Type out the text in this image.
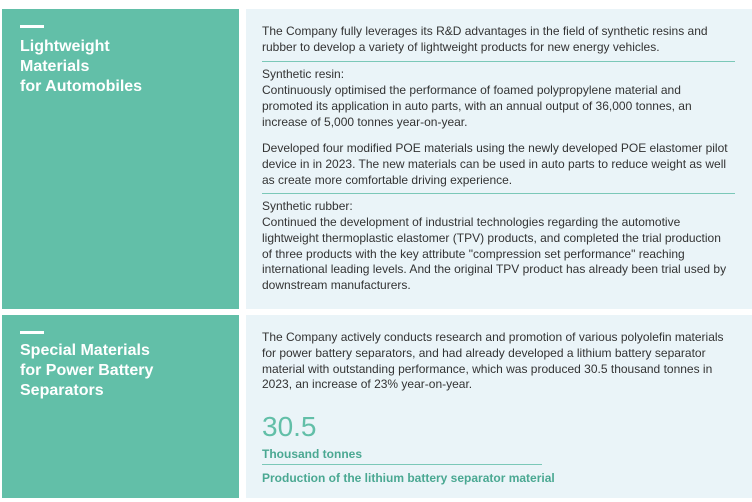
Lightweight
Materials
for Automobiles

The Company fully leverages its R&D advantages in the field of synthetic resins and rubber to develop a variety of lightweight products for new energy vehicles.

Synthetic resin:

Continuously optimised the performance of foamed polypropylene material and promoted its application in auto parts, with an annual output of 36,000 tonnes, an increase of 5,000 tonnes year-on-year.

Developed four modified POE materials using the newly developed POE elastomer pilot device in in 2023. The new materials can be used in auto parts to reduce weight as well as create more comfortable driving experience.

Synthetic rubber:

Continued the development of industrial technologies regarding the automotive lightweight thermoplastic elastomer (TPV) products, and completed the trial production of three products with the key attribute "compression set performance" reaching international leading levels. And the original TPV product has already been trial used by downstream manufacturers.

Special Materials
for Power Battery
Separators

The Company actively conducts research and promotion of various polyolefin materials for power battery separators, and had already developed a lithium battery separator material with outstanding performance, which was produced 30.5 thousand tonnes in 2023, an increase of 23% year-on-year.

30.5
Thousand tonnes
Production of the lithium battery separator material
